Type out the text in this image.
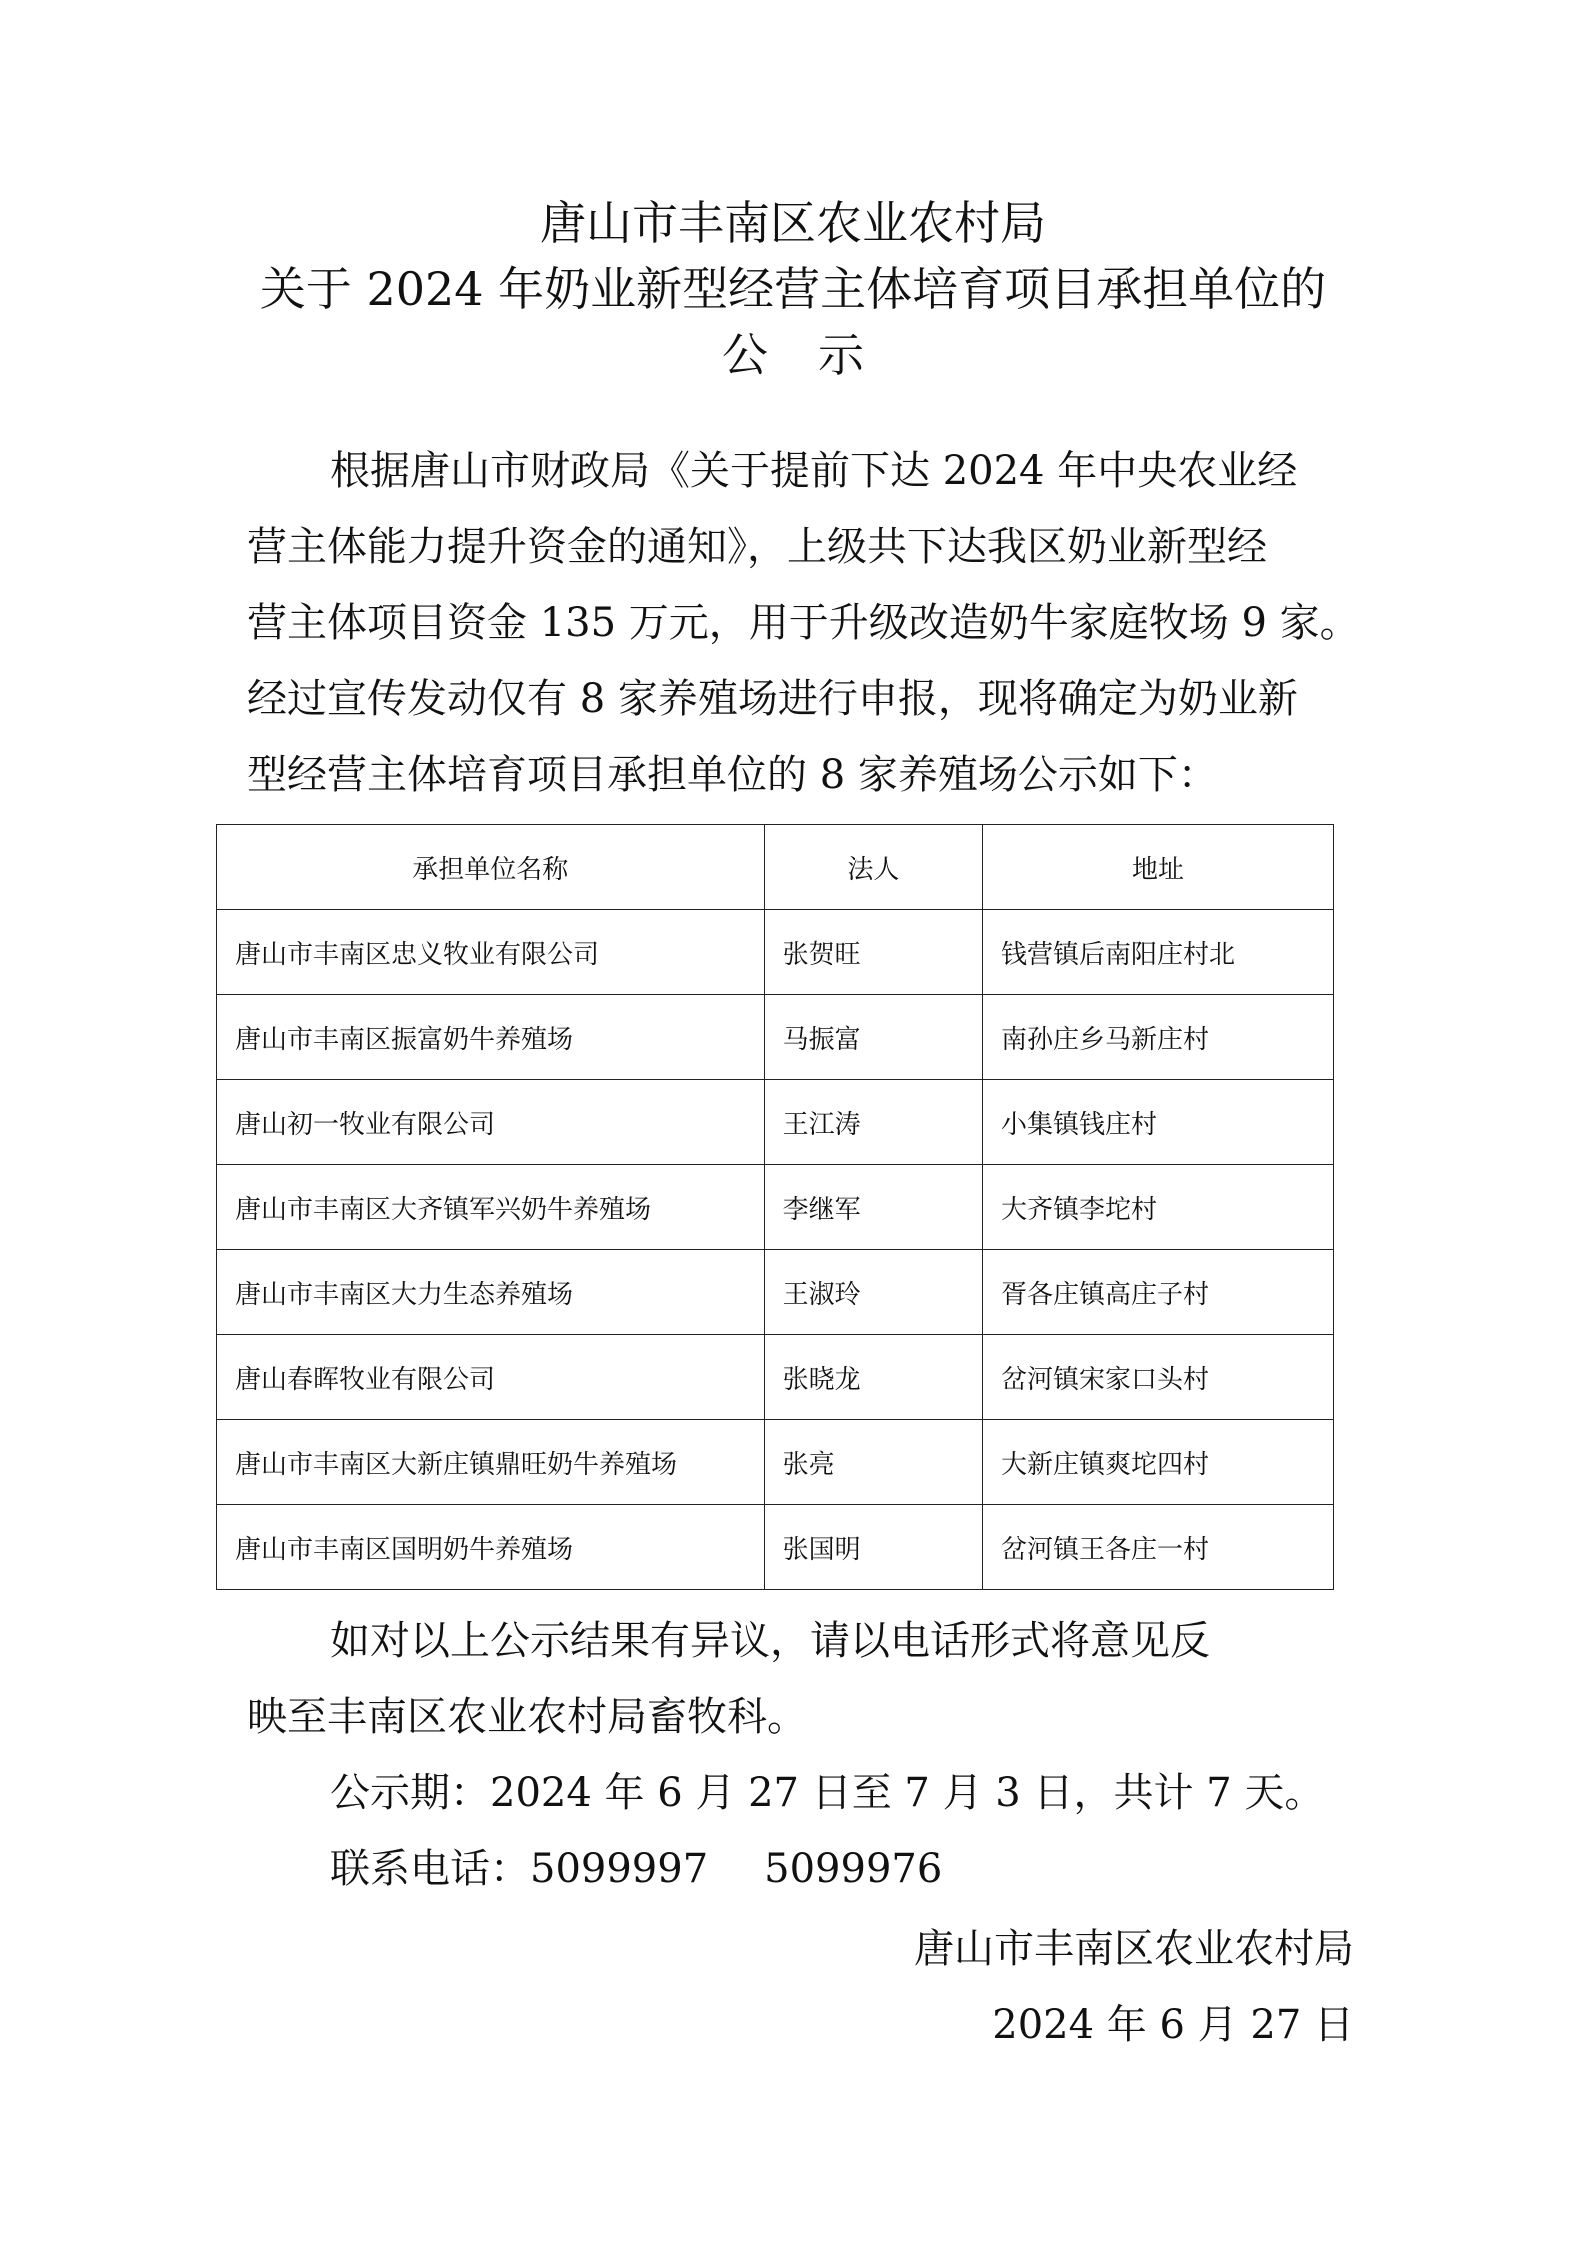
唐山市丰南区农业农村局
关于 2024 年奶业新型经营主体培育项目承担单位的
公 示
根据唐山市财政局《关于提前下达 2024 年中央农业经
营主体能力提升资金的通知》，上级共下达我区奶业新型经
营主体项目资金 135 万元，用于升级改造奶牛家庭牧场 9 家。
经过宣传发动仅有 8 家养殖场进行申报，现将确定为奶业新
型经营主体培育项目承担单位的 8 家养殖场公示如下：
承担单位名称	法人	地址
唐山市丰南区忠义牧业有限公司	张贺旺	钱营镇后南阳庄村北
唐山市丰南区振富奶牛养殖场	马振富	南孙庄乡马新庄村
唐山初一牧业有限公司	王江涛	小集镇钱庄村
唐山市丰南区大齐镇军兴奶牛养殖场	李继军	大齐镇李坨村
唐山市丰南区大力生态养殖场	王淑玲	胥各庄镇高庄子村
唐山春晖牧业有限公司	张晓龙	岔河镇宋家口头村
唐山市丰南区大新庄镇鼎旺奶牛养殖场	张亮	大新庄镇爽坨四村
唐山市丰南区国明奶牛养殖场	张国明	岔河镇王各庄一村
如对以上公示结果有异议，请以电话形式将意见反
映至丰南区农业农村局畜牧科。
公示期：2024 年 6 月 27 日至 7 月 3 日，共计 7 天。
联系电话：5099997 5099976
唐山市丰南区农业农村局
2024 年 6 月 27 日
